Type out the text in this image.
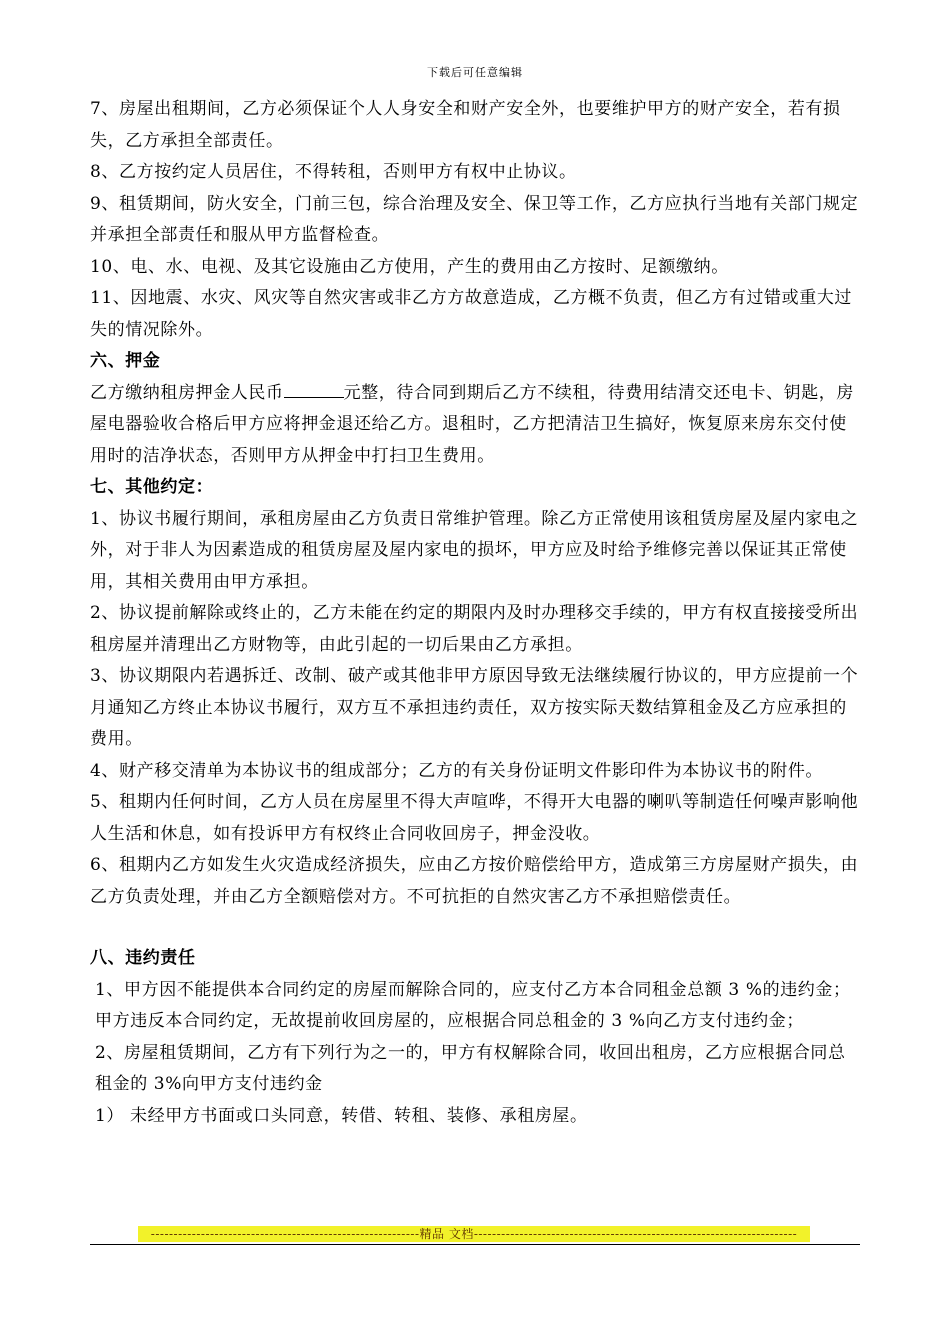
下载后可任意编辑

7、房屋出租期间，乙方必须保证个人人身安全和财产安全外，也要维护甲方的财产安全，若有损失，乙方承担全部责任。

8、乙方按约定人员居住，不得转租，否则甲方有权中止协议。

9、租赁期间，防火安全，门前三包，综合治理及安全、保卫等工作，乙方应执行当地有关部门规定并承担全部责任和服从甲方监督检查。

10、电、水、电视、及其它设施由乙方使用，产生的费用由乙方按时、足额缴纳。

11、因地震、水灾、风灾等自然灾害或非乙方方故意造成，乙方概不负责，但乙方有过错或重大过失的情况除外。

六、押金

乙方缴纳租房押金人民币	元整，待合同到期后乙方不续租，待费用结清交还电卡、钥匙，房屋电器验收合格后甲方应将押金退还给乙方。退租时，乙方把清洁卫生搞好，恢复原来房东交付使用时的洁净状态，否则甲方从押金中打扫卫生费用。

七、其他约定：

1、协议书履行期间，承租房屋由乙方负责日常维护管理。除乙方正常使用该租赁房屋及屋内家电之外，对于非人为因素造成的租赁房屋及屋内家电的损坏，甲方应及时给予维修完善以保证其正常使用，其相关费用由甲方承担。

2、协议提前解除或终止的，乙方未能在约定的期限内及时办理移交手续的，甲方有权直接接受所出租房屋并清理出乙方财物等，由此引起的一切后果由乙方承担。

3、协议期限内若遇拆迁、改制、破产或其他非甲方原因导致无法继续履行协议的，甲方应提前一个月通知乙方终止本协议书履行，双方互不承担违约责任，双方按实际天数结算租金及乙方应承担的费用。

4、财产移交清单为本协议书的组成部分；乙方的有关身份证明文件影印件为本协议书的附件。

5、租期内任何时间，乙方人员在房屋里不得大声喧哗，不得开大电器的喇叭等制造任何噪声影响他人生活和休息，如有投诉甲方有权终止合同收回房子，押金没收。

6、租期内乙方如发生火灾造成经济损失，应由乙方按价赔偿给甲方，造成第三方房屋财产损失，由乙方负责处理，并由乙方全额赔偿对方。不可抗拒的自然灾害乙方不承担赔偿责任。

八、违约责任

1、甲方因不能提供本合同约定的房屋而解除合同的，应支付乙方本合同租金总额 3 %的违约金； 甲方违反本合同约定，无故提前收回房屋的，应根据合同总租金的 3 %向乙方支付违约金；

2、房屋租赁期间，乙方有下列行为之一的，甲方有权解除合同，收回出租房，乙方应根据合同总租金的 3%向甲方支付违约金

1） 未经甲方书面或口头同意，转借、转租、装修、承租房屋。

-----------------------------------------------------------精品 文档-----------------------------------------------------------------------
